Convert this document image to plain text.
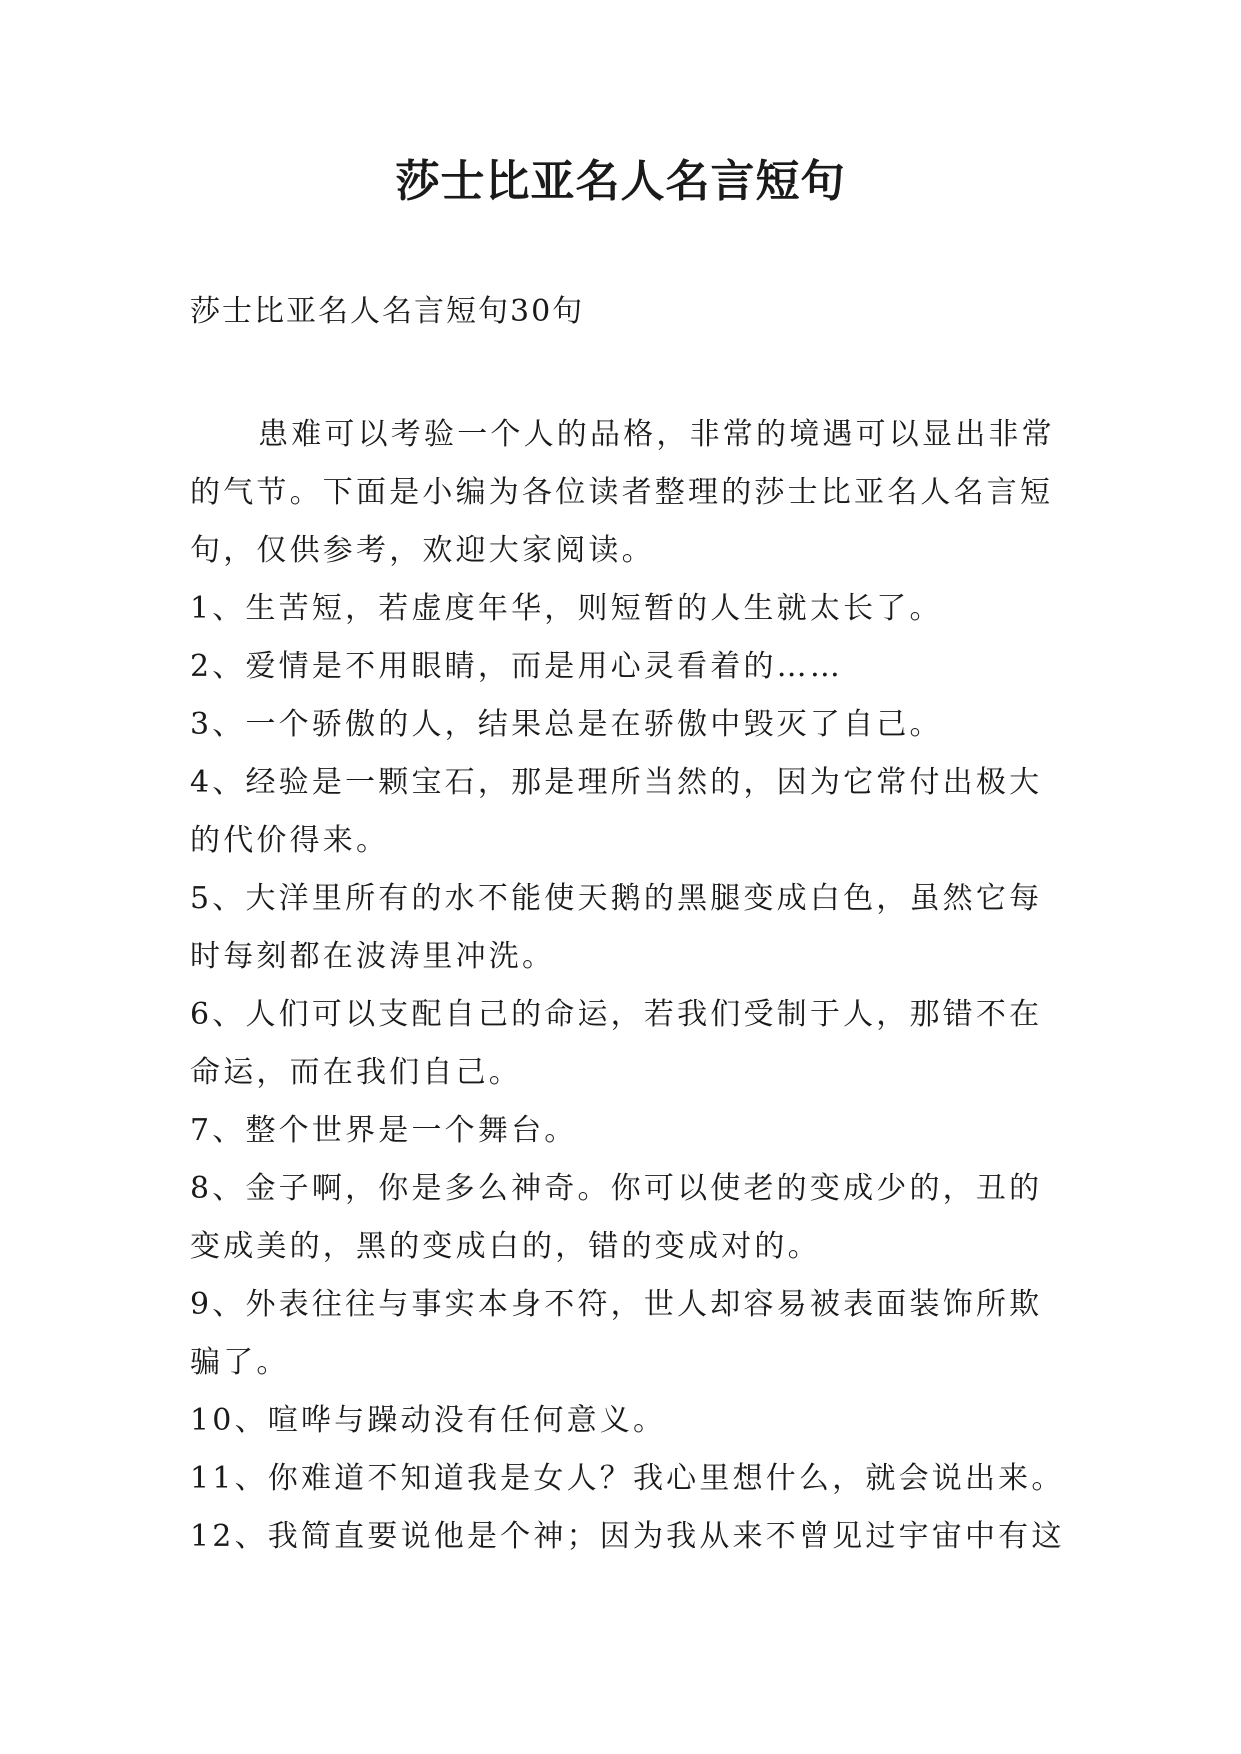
莎士比亚名人名言短句

莎士比亚名人名言短句30句

患难可以考验一个人的品格，非常的境遇可以显出非常的气节。下面是小编为各位读者整理的莎士比亚名人名言短句，仅供参考，欢迎大家阅读。

1、生苦短，若虚度年华，则短暂的人生就太长了。

2、爱情是不用眼睛，而是用心灵看着的……

3、一个骄傲的人，结果总是在骄傲中毁灭了自己。

4、经验是一颗宝石，那是理所当然的，因为它常付出极大的代价得来。

5、大洋里所有的水不能使天鹅的黑腿变成白色，虽然它每时每刻都在波涛里冲洗。

6、人们可以支配自己的命运，若我们受制于人，那错不在命运，而在我们自己。

7、整个世界是一个舞台。

8、金子啊，你是多么神奇。你可以使老的变成少的，丑的变成美的，黑的变成白的，错的变成对的。

9、外表往往与事实本身不符，世人却容易被表面装饰所欺骗了。

10、喧哗与躁动没有任何意义。

11、你难道不知道我是女人？我心里想什么，就会说出来。

12、我简直要说他是个神；因为我从来不曾见过宇宙中有这
